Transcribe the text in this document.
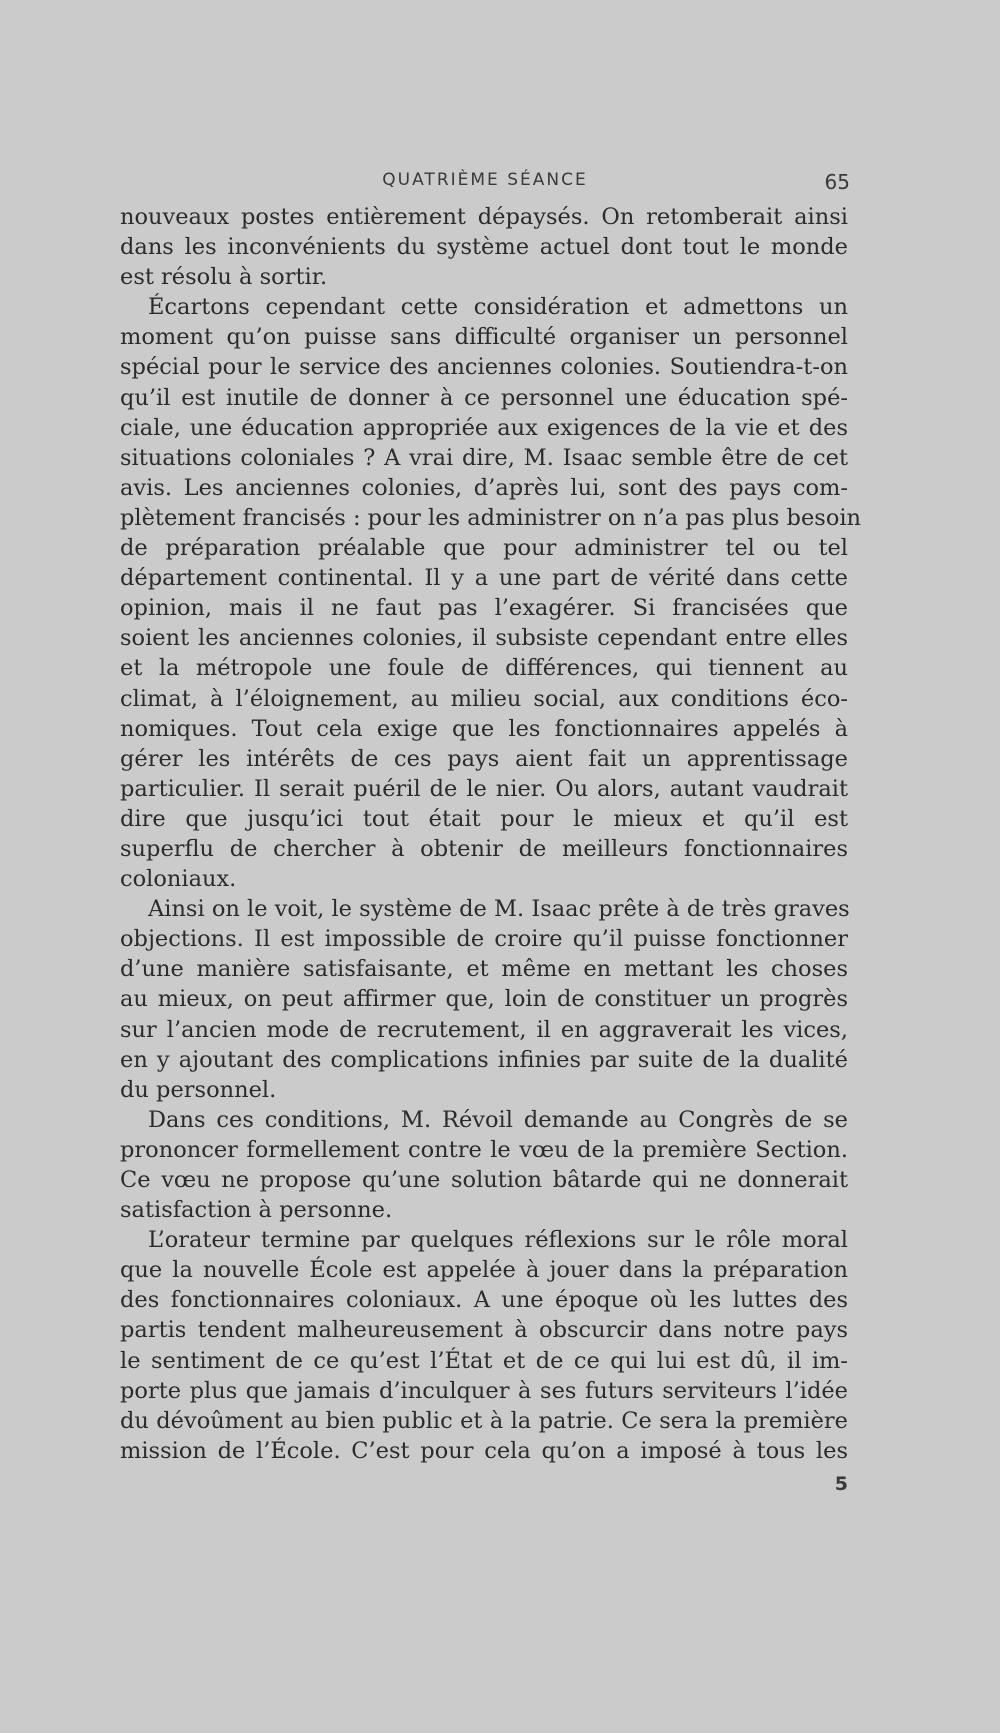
QUATRIÈME SÉANCE	65
nouveaux postes entièrement dépaysés. On retomberait ainsi
dans les inconvénients du système actuel dont tout le monde
est résolu à sortir.
Écartons cependant cette considération et admettons un
moment qu’on puisse sans difficulté organiser un personnel
spécial pour le service des anciennes colonies. Soutiendra-t-on
qu’il est inutile de donner à ce personnel une éducation spé-
ciale, une éducation appropriée aux exigences de la vie et des
situations coloniales ? A vrai dire, M. Isaac semble être de cet
avis. Les anciennes colonies, d’après lui, sont des pays com-
plètement francisés : pour les administrer on n’a pas plus besoin
de préparation préalable que pour administrer tel ou tel
département continental. Il y a une part de vérité dans cette
opinion, mais il ne faut pas l’exagérer. Si francisées que
soient les anciennes colonies, il subsiste cependant entre elles
et la métropole une foule de différences, qui tiennent au
climat, à l’éloignement, au milieu social, aux conditions éco-
nomiques. Tout cela exige que les fonctionnaires appelés à
gérer les intérêts de ces pays aient fait un apprentissage
particulier. Il serait puéril de le nier. Ou alors, autant vaudrait
dire que jusqu’ici tout était pour le mieux et qu’il est
superflu de chercher à obtenir de meilleurs fonctionnaires
coloniaux.
Ainsi on le voit, le système de M. Isaac prête à de très graves
objections. Il est impossible de croire qu’il puisse fonctionner
d’une manière satisfaisante, et même en mettant les choses
au mieux, on peut affirmer que, loin de constituer un progrès
sur l’ancien mode de recrutement, il en aggraverait les vices,
en y ajoutant des complications infinies par suite de la dualité
du personnel.
Dans ces conditions, M. Révoil demande au Congrès de se
prononcer formellement contre le vœu de la première Section.
Ce vœu ne propose qu’une solution bâtarde qui ne donnerait
satisfaction à personne.
L’orateur termine par quelques réflexions sur le rôle moral
que la nouvelle École est appelée à jouer dans la préparation
des fonctionnaires coloniaux. A une époque où les luttes des
partis tendent malheureusement à obscurcir dans notre pays
le sentiment de ce qu’est l’État et de ce qui lui est dû, il im-
porte plus que jamais d’inculquer à ses futurs serviteurs l’idée
du dévoûment au bien public et à la patrie. Ce sera la première
mission de l’École. C’est pour cela qu’on a imposé à tous les
5
